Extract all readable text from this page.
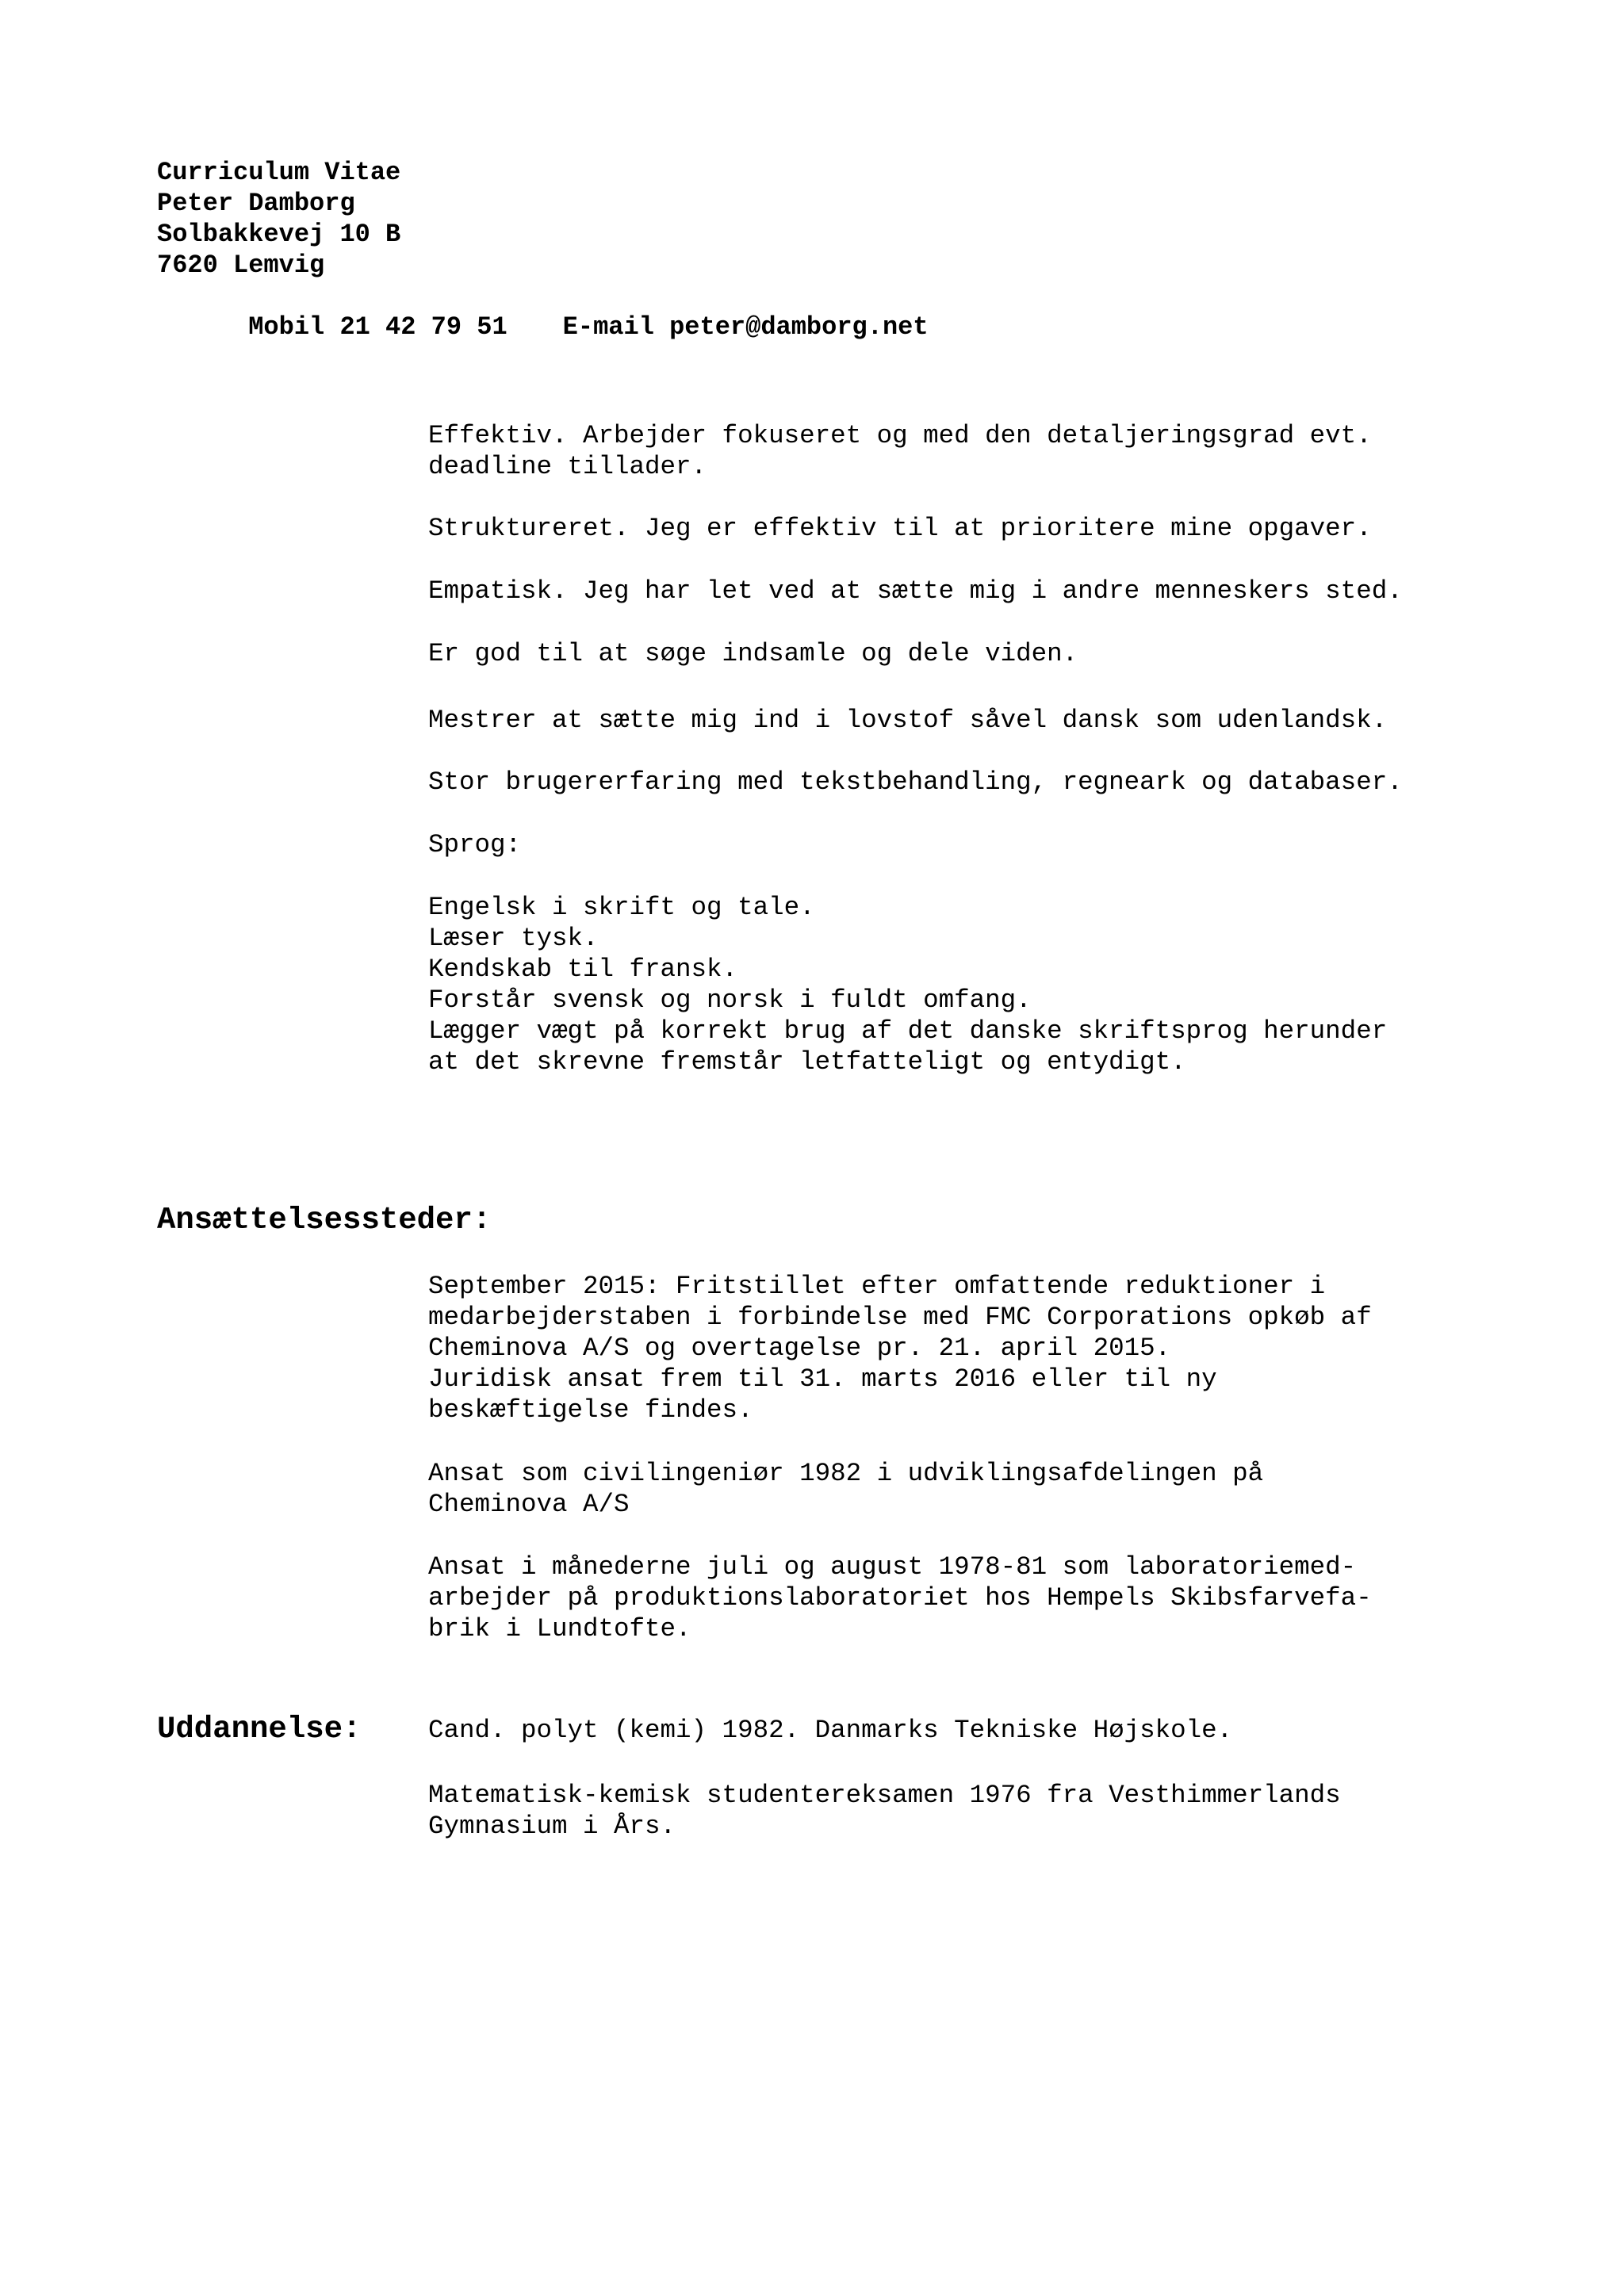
Curriculum Vitae
Peter Damborg
Solbakkevej 10 B
7620 Lemvig

Mobil 21 42 79 51 E-mail peter@damborg.net

Effektiv. Arbejder fokuseret og med den detaljeringsgrad evt.

deadline tillader.

Struktureret. Jeg er effektiv til at prioritere mine opgaver.

Empatisk. Jeg har let ved at sætte mig i andre menneskers sted.

Er god til at søge indsamle og dele viden.

Mestrer at sætte mig ind i lovstof såvel dansk som udenlandsk.

Stor brugererfaring med tekstbehandling, regneark og databaser.

Sprog:

Engelsk i skrift og tale.

Læser tysk.

Kendskab til fransk.

Forstår svensk og norsk i fuldt omfang.

Lægger vægt på korrekt brug af det danske skriftsprog herunder

at det skrevne fremstår letfatteligt og entydigt.

Ansættelsessteder:

September 2015: Fritstillet efter omfattende reduktioner i

medarbejderstaben i forbindelse med FMC Corporations opkøb af

Cheminova A/S og overtagelse pr. 21. april 2015.

Juridisk ansat frem til 31. marts 2016 eller til ny

beskæftigelse findes.

Ansat som civilingeniør 1982 i udviklingsafdelingen på

Cheminova A/S

Ansat i månederne juli og august 1978-81 som laboratoriemed-

arbejder på produktionslaboratoriet hos Hempels Skibsfarvefa-

brik i Lundtofte.

Uddannelse:	Cand. polyt (kemi) 1982. Danmarks Tekniske Højskole.

Matematisk-kemisk studentereksamen 1976 fra Vesthimmerlands

Gymnasium i Års.
